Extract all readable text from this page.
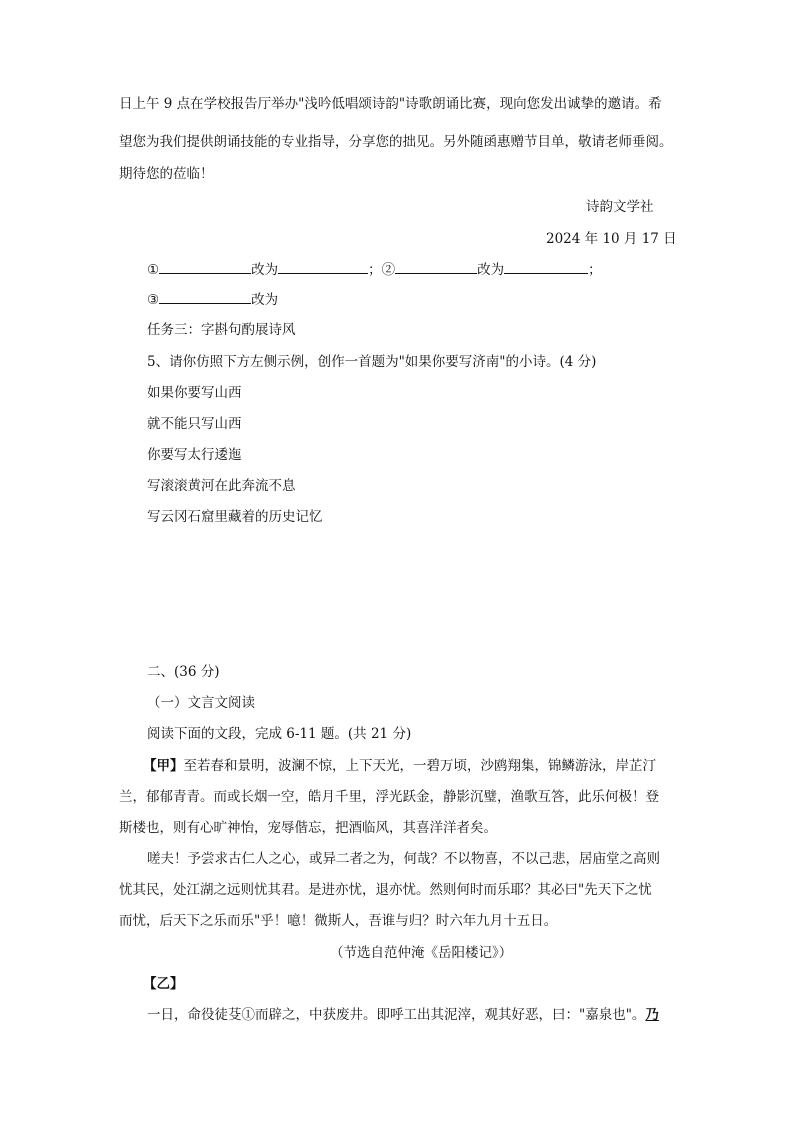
日上午 9 点在学校报告厅举办"浅吟低唱颂诗韵"诗歌朗诵比赛，现向您发出诚挚的邀请。希
望您为我们提供朗诵技能的专业指导，分享您的拙见。另外随函惠赠节目单，敬请老师垂阅。
期待您的莅临！
诗韵文学社
2024 年 10 月 17 日
①	改为	；②	改为	；
③	改为
任务三：字斟句酌展诗风
5、请你仿照下方左侧示例，创作一首题为"如果你要写济南"的小诗。(4 分)
如果你要写山西
就不能只写山西
你要写太行逶迤
写滚滚黄河在此奔流不息
写云冈石窟里藏着的历史记忆
二、(36 分)
（一）文言文阅读
阅读下面的文段，完成 6-11 题。(共 21 分)
【甲】至若春和景明，波澜不惊，上下天光，一碧万顷，沙鸥翔集，锦鳞游泳，岸芷汀
兰，郁郁青青。而或长烟一空，皓月千里，浮光跃金，静影沉璧，渔歌互答，此乐何极！登
斯楼也，则有心旷神怡，宠辱偕忘，把酒临风，其喜洋洋者矣。
嗟夫！予尝求古仁人之心，或异二者之为，何哉？不以物喜，不以己悲，居庙堂之高则
忧其民，处江湖之远则忧其君。是进亦忧，退亦忧。然则何时而乐耶？其必曰"先天下之忧
而忧，后天下之乐而乐"乎！噫！微斯人，吾谁与归？时六年九月十五日。
（节选自范仲淹《岳阳楼记》）
【乙】
一日，命役徒芟①而辟之，中获废井。即呼工出其泥滓，观其好恶，曰："嘉泉也"。乃
